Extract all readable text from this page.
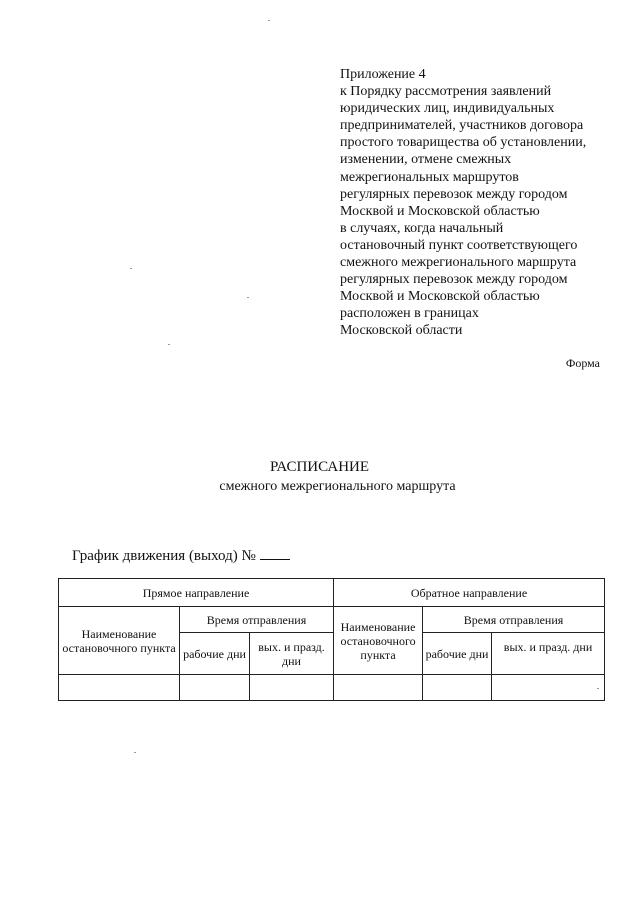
Приложение 4
к Порядку рассмотрения заявлений
юридических лиц, индивидуальных
предпринимателей, участников договора
простого товарищества об установлении,
изменении, отмене смежных
межрегиональных маршрутов
регулярных перевозок между городом
Москвой и Московской областью
в случаях, когда начальный
остановочный пункт соответствующего
смежного межрегионального маршрута
регулярных перевозок между городом
Москвой и Московской областью
расположен в границах
Московской области
Форма
РАСПИСАНИЕ
смежного межрегионального маршрута
График движения (выход) №
Прямое направление			Обратное направление		
Наименование остановочного пункта	Время отправления		Наименование остановочного пункта	Время отправления	
	рабочие дни	вых. и празд. дни		рабочие дни	вых. и празд. дни
